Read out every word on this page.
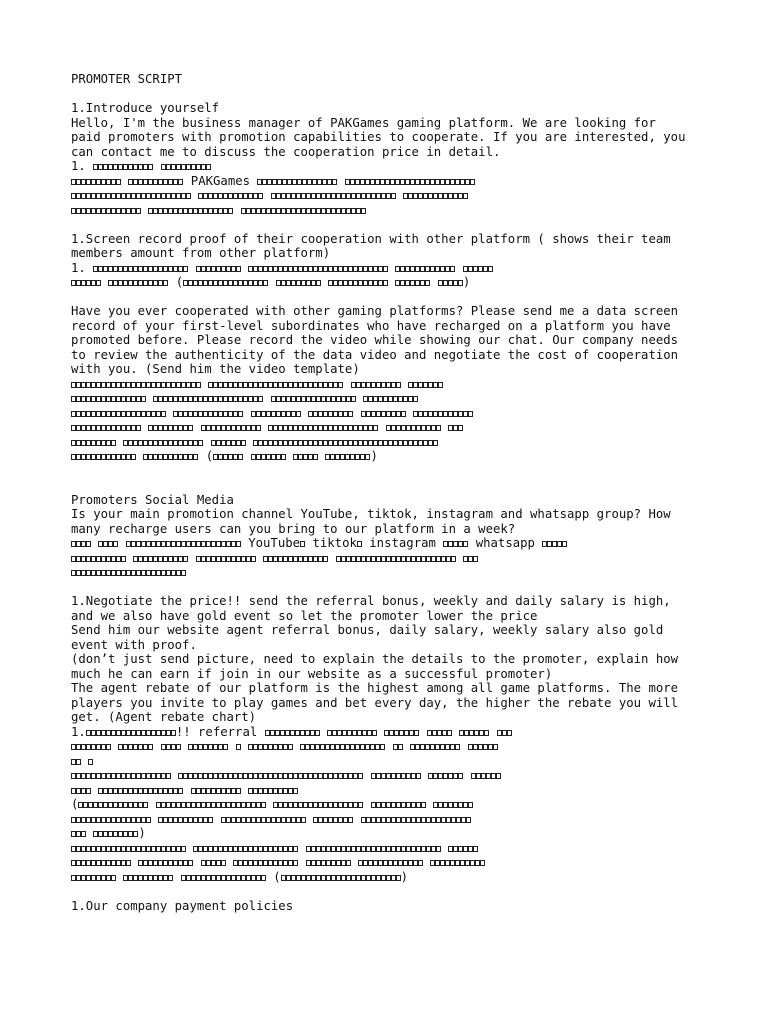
PROMOTER SCRIPT
1.Introduce yourself
Hello, I'm the business manager of PAKGames gaming platform. We are looking for
paid promoters with promotion capabilities to cooperate. If you are interested, you
can contact me to discuss the cooperation price in detail.
1.
PAKGames

1.Screen record proof of their cooperation with other platform ( shows their team
members amount from other platform)
1.
(	)
Have you ever cooperated with other gaming platforms? Please send me a data screen
record of your first-level subordinates who have recharged on a platform you have
promoted before. Please record the video while showing our chat. Our company needs
to review the authenticity of the data video and negotiate the cost of cooperation
with you. (Send him the video template)

(	)
Promoters Social Media
Is your main promotion channel YouTube, tiktok, instagram and whatsapp group? How
many recharge users can you bring to our platform in a week?
YouTube tiktok instagram  whatsapp

1.Negotiate the price!! send the referral bonus, weekly and daily salary is high,
and we also have gold event so let the promoter lower the price
Send him our website agent referral bonus, daily salary, weekly salary also gold
event with proof.
(don’t just send picture, need to explain the details to the promoter, explain how
much he can earn if join in our website as a successful promoter)
The agent rebate of our platform is the highest among all game platforms. The more
players you invite to play games and bet every day, the higher the rebate you will
get. (Agent rebate chart)
1.	!! referral

(

)

(	)
1.Our company payment policies
